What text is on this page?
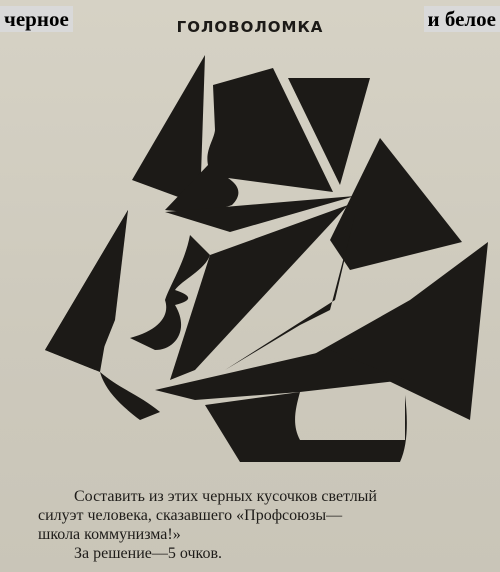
черное	и белое
ГОЛОВОЛОМКА

Составить из этих черных кусочков светлый

силуэт человека, сказавшего «Профсоюзы—

школа коммунизма!»

За решение—5 очков.
